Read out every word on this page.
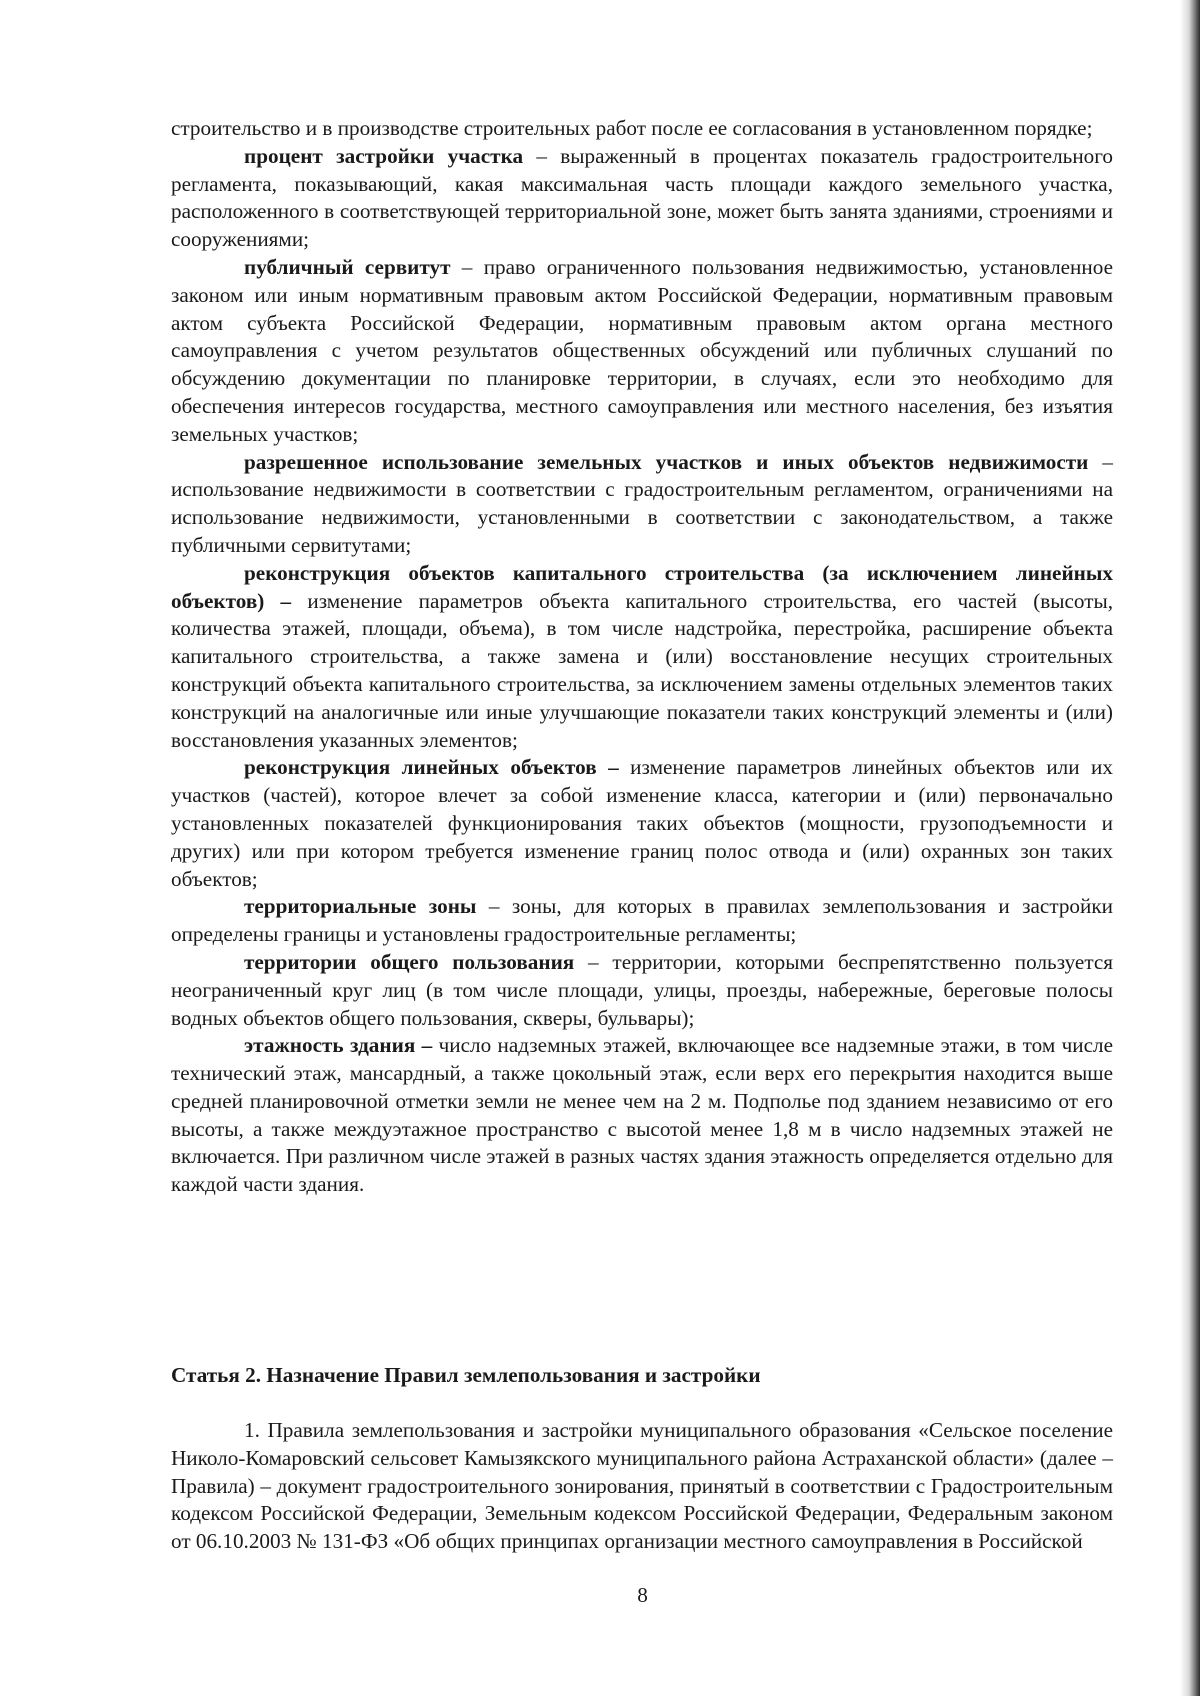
строительство и в производстве строительных работ после ее согласования в установленном порядке;

процент застройки участка – выраженный в процентах показатель градостроительного регламента, показывающий, какая максимальная часть площади каждого земельного участка, расположенного в соответствующей территориальной зоне, может быть занята зданиями, строениями и сооружениями;

публичный сервитут – право ограниченного пользования недвижимостью, установленное законом или иным нормативным правовым актом Российской Федерации, нормативным правовым актом субъекта Российской Федерации, нормативным правовым актом органа местного самоуправления с учетом результатов общественных обсуждений или публичных слушаний по обсуждению документации по планировке территории, в случаях, если это необходимо для обеспечения интересов государства, местного самоуправления или местного населения, без изъятия земельных участков;

разрешенное использование земельных участков и иных объектов недвижимости – использование недвижимости в соответствии с градостроительным регламентом, ограничениями на использование недвижимости, установленными в соответствии с законодательством, а также публичными сервитутами;

реконструкция объектов капитального строительства (за исключением линейных объектов) – изменение параметров объекта капитального строительства, его частей (высоты, количества этажей, площади, объема), в том числе надстройка, перестройка, расширение объекта капитального строительства, а также замена и (или) восстановление несущих строительных конструкций объекта капитального строительства, за исключением замены отдельных элементов таких конструкций на аналогичные или иные улучшающие показатели таких конструкций элементы и (или) восстановления указанных элементов;

реконструкция линейных объектов – изменение параметров линейных объектов или их участков (частей), которое влечет за собой изменение класса, категории и (или) первоначально установленных показателей функционирования таких объектов (мощности, грузоподъемности и других) или при котором требуется изменение границ полос отвода и (или) охранных зон таких объектов;

территориальные зоны – зоны, для которых в правилах землепользования и застройки определены границы и установлены градостроительные регламенты;

территории общего пользования – территории, которыми беспрепятственно пользуется неограниченный круг лиц (в том числе площади, улицы, проезды, набережные, береговые полосы водных объектов общего пользования, скверы, бульвары);

этажность здания – число надземных этажей, включающее все надземные этажи, в том числе технический этаж, мансардный, а также цокольный этаж, если верх его перекрытия находится выше средней планировочной отметки земли не менее чем на 2 м. Подполье под зданием независимо от его высоты, а также междуэтажное пространство с высотой менее 1,8 м в число надземных этажей не включается. При различном числе этажей в разных частях здания этажность определяется отдельно для каждой части здания.

Статья 2. Назначение Правил землепользования и застройки

1. Правила землепользования и застройки муниципального образования «Сельское поселение Николо-Комаровский сельсовет Камызякского муниципального района Астраханской области» (далее – Правила) – документ градостроительного зонирования, принятый в соответствии с Градостроительным кодексом Российской Федерации, Земельным кодексом Российской Федерации, Федеральным законом от 06.10.2003 № 131-ФЗ «Об общих принципах организации местного самоуправления в Российской

8
